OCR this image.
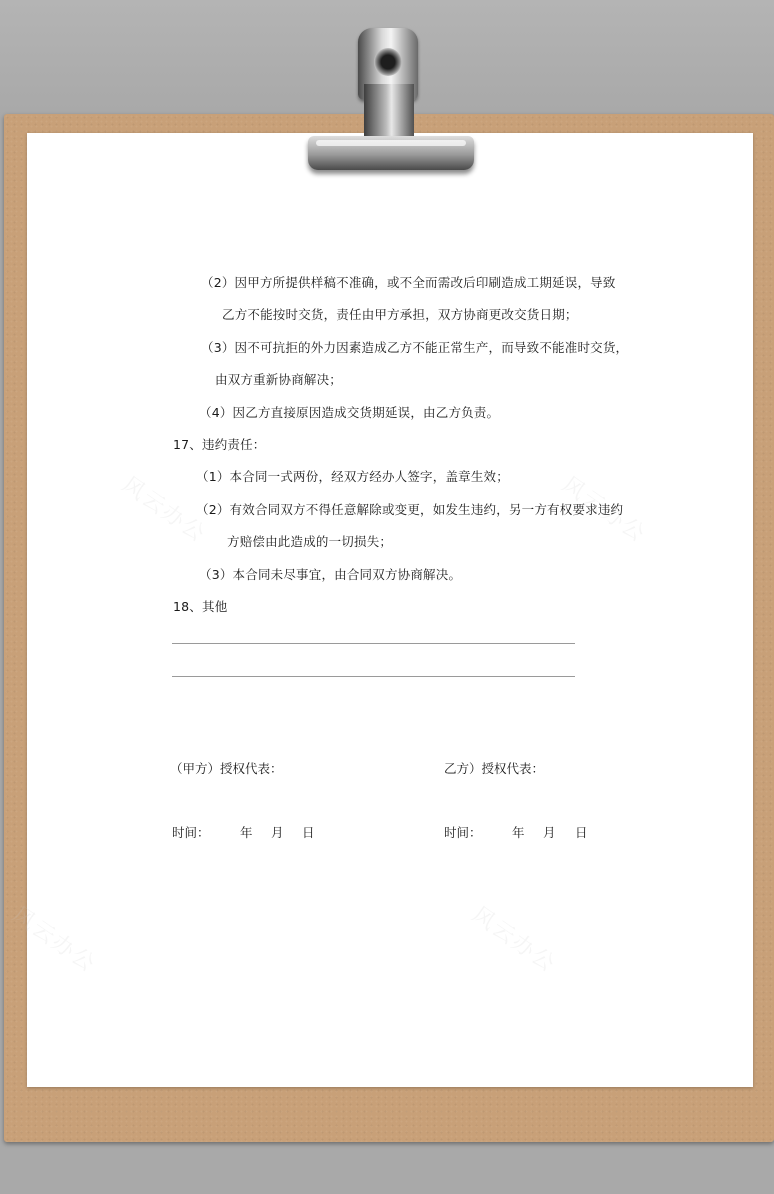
风云办公	风云办公
风云办公	风云办公
（2）因甲方所提供样稿不准确，或不全而需改后印刷造成工期延误，导致
乙方不能按时交货，责任由甲方承担，双方协商更改交货日期；
（3）因不可抗拒的外力因素造成乙方不能正常生产，而导致不能准时交货，
由双方重新协商解决；
（4）因乙方直接原因造成交货期延误，由乙方负责。
17、违约责任：
（1）本合同一式两份，经双方经办人签字，盖章生效；
（2）有效合同双方不得任意解除或变更，如发生违约，另一方有权要求违约
方赔偿由此造成的一切损失；
（3）本合同未尽事宜，由合同双方协商解决。
18、其他
（甲方）授权代表：	乙方）授权代表：
时间： 年 月 日	时间： 年 月 日
